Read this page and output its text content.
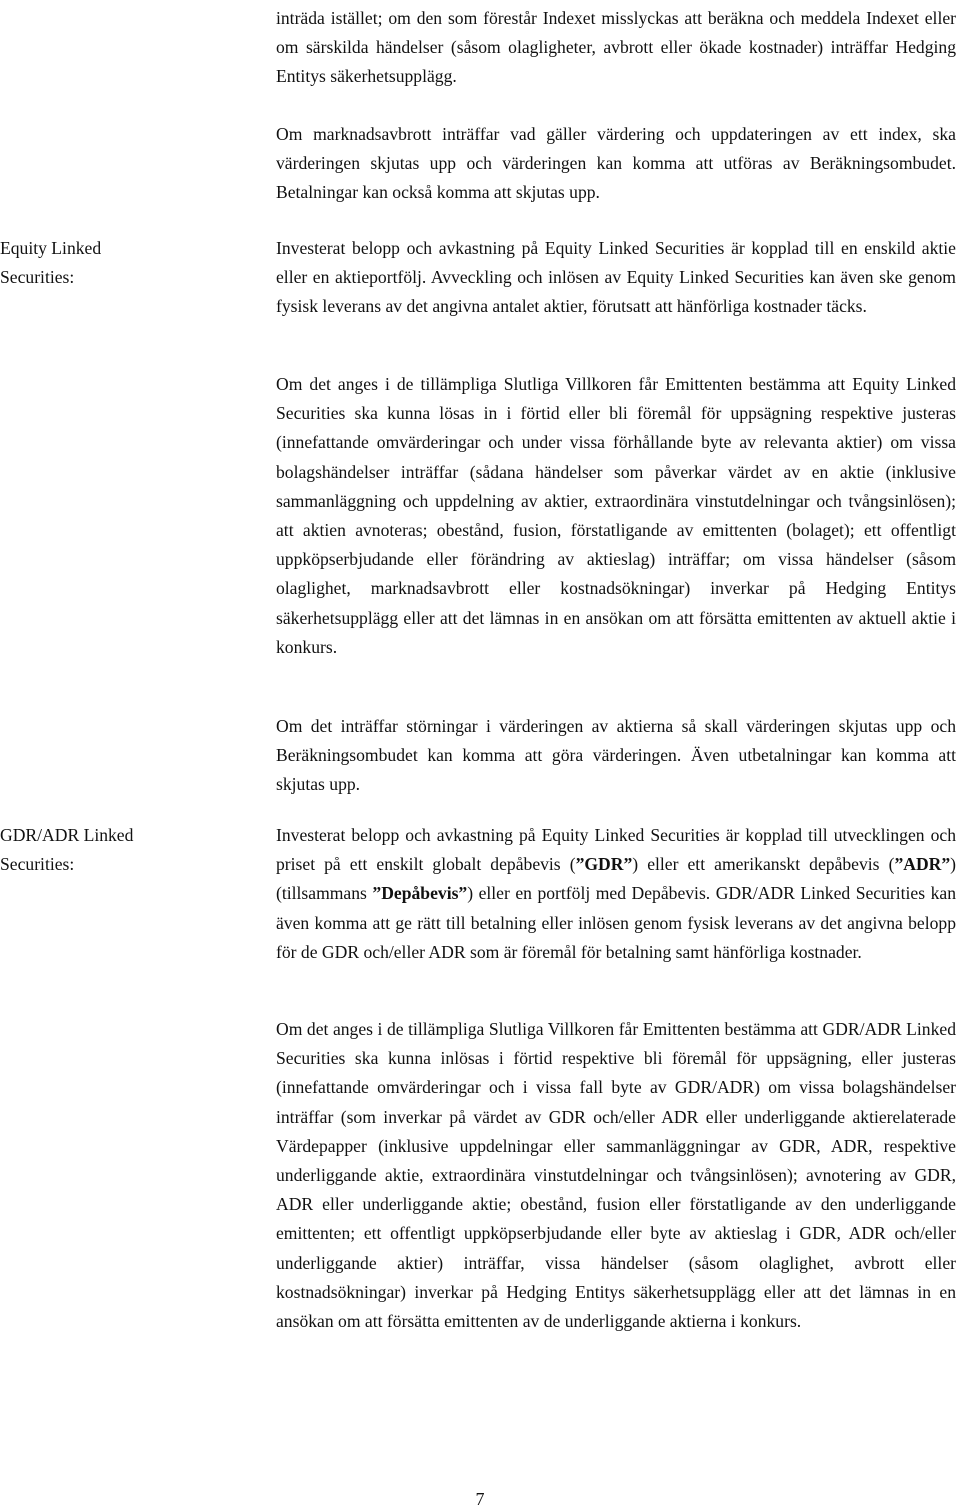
inträda istället; om den som förestår Indexet misslyckas att beräkna och meddela Indexet eller om särskilda händelser (såsom olagligheter, avbrott eller ökade kostnader) inträffar Hedging Entitys säkerhetsupplägg.

Om marknadsavbrott inträffar vad gäller värdering och uppdateringen av ett index, ska värderingen skjutas upp och värderingen kan komma att utföras av Beräkningsombudet. Betalningar kan också komma att skjutas upp.

Equity Linked
Securities:

Investerat belopp och avkastning på Equity Linked Securities är kopplad till en enskild aktie eller en aktieportfölj. Avveckling och inlösen av Equity Linked Securities kan även ske genom fysisk leverans av det angivna antalet aktier, förutsatt att hänförliga kostnader täcks.

Om det anges i de tillämpliga Slutliga Villkoren får Emittenten bestämma att Equity Linked Securities ska kunna lösas in i förtid eller bli föremål för uppsägning respektive justeras (innefattande omvärderingar och under vissa förhållande byte av relevanta aktier) om vissa bolagshändelser inträffar (sådana händelser som påverkar värdet av en aktie (inklusive sammanläggning och uppdelning av aktier, extraordinära vinstutdelningar och tvångsinlösen); att aktien avnoteras; obestånd, fusion, förstatligande av emittenten (bolaget); ett offentligt uppköpserbjudande eller förändring av aktieslag) inträffar; om vissa händelser (såsom olaglighet, marknadsavbrott eller kostnadsökningar) inverkar på Hedging Entitys säkerhetsupplägg eller att det lämnas in en ansökan om att försätta emittenten av aktuell aktie i konkurs.

Om det inträffar störningar i värderingen av aktierna så skall värderingen skjutas upp och Beräkningsombudet kan komma att göra värderingen. Även utbetalningar kan komma att skjutas upp.

GDR/ADR Linked
Securities:

Investerat belopp och avkastning på Equity Linked Securities är kopplad till utvecklingen och priset på ett enskilt globalt depåbevis (”GDR”) eller ett amerikanskt depåbevis (”ADR”) (tillsammans ”Depåbevis”) eller en portfölj med Depåbevis. GDR/ADR Linked Securities kan även komma att ge rätt till betalning eller inlösen genom fysisk leverans av det angivna belopp för de GDR och/eller ADR som är föremål för betalning samt hänförliga kostnader.

Om det anges i de tillämpliga Slutliga Villkoren får Emittenten bestämma att GDR/ADR Linked Securities ska kunna inlösas i förtid respektive bli föremål för uppsägning, eller justeras (innefattande omvärderingar och i vissa fall byte av GDR/ADR) om vissa bolagshändelser inträffar (som inverkar på värdet av GDR och/eller ADR eller underliggande aktierelaterade Värdepapper (inklusive uppdelningar eller sammanläggningar av GDR, ADR, respektive underliggande aktie, extraordinära vinstutdelningar och tvångsinlösen); avnotering av GDR, ADR eller underliggande aktie; obestånd, fusion eller förstatligande av den underliggande emittenten; ett offentligt uppköpserbjudande eller byte av aktieslag i GDR, ADR och/eller underliggande aktier) inträffar, vissa händelser (såsom olaglighet, avbrott eller kostnadsökningar) inverkar på Hedging Entitys säkerhetsupplägg eller att det lämnas in en ansökan om att försätta emittenten av de underliggande aktierna i konkurs.

7
